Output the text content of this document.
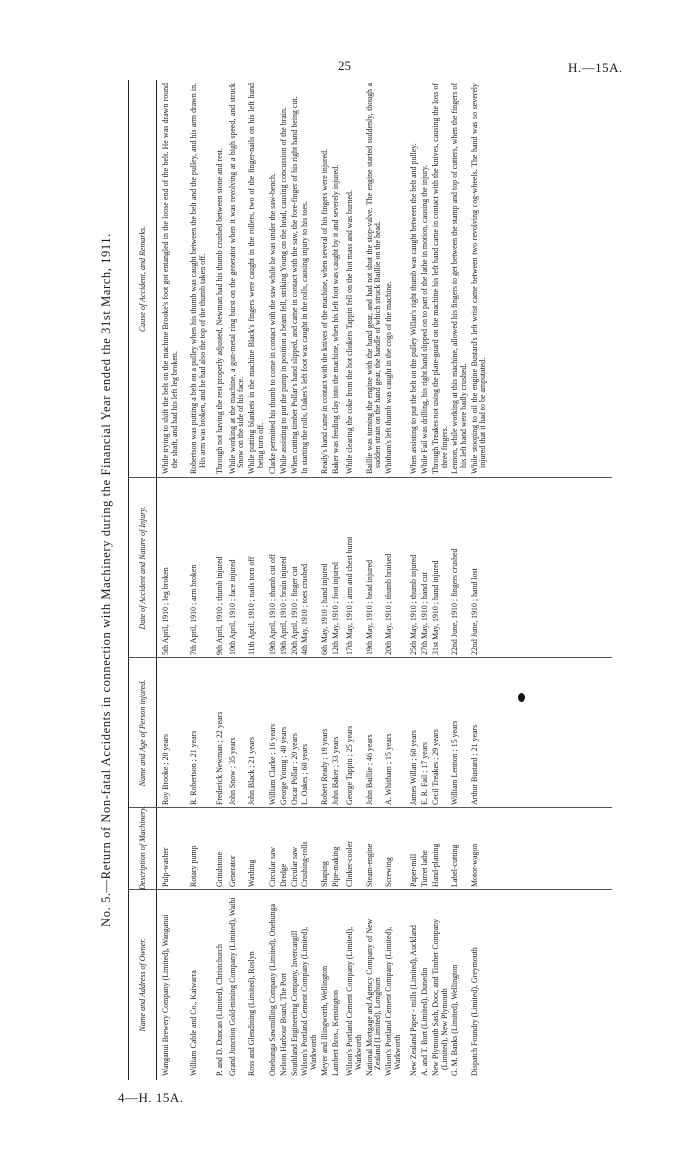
25	H.—15A.
4—H. 15A.
No. 5.—Return of Non-fatal Accidents in connection with Machinery during the Financial Year ended the 31st March, 1911.
Name and Address of Owner.
Description of Machinery.
Name and Age of Person injured.
Date of Accident and Nature of Injury.
Cause of Accident, and Remarks.
Wanganui Brewery Company (Limited), Wanganui
Pulp-washer
Roy Brooke ; 20 years
5th April, 1910 ; leg broken
While trying to shift the belt on the machine Brooke's foot got entangled in the loose end of the belt. He was drawn round the shaft, and had his left leg broken.
William Cable and Co., Kaiwarra
Rotary pump
R. Robertson ; 21 years
7th April, 1910 ; arm broken
Robertson was putting a belt on a pulley when his thumb was caught between the belt and the pulley, and his arm drawn in. His arm was broken, and he had also the top of the thumb taken off.
P. and D. Duncan (Limited), Christchurch
Grindstone
Frederick Newman ; 22 years
9th April, 1910 ; thumb injured
Through not having the rest properly adjusted, Newman had his thumb crushed between stone and rest.
Grand Junction Gold-mining Company (Limited), Waihi
Generator
John Snow ; 35 years
10th April, 1910 ; face injured
While working at the machine, a gun-metal ring burst on the generator when it was revolving at a high speed, and struck Snow on the side of his face.
Ross and Glendining (Limited), Roslyn
Washing
John Black ; 21 years
11th April, 1910 ; nails torn off
While putting blankets in the machine Black's fingers were caught in the rollers, two of the finger-nails on his left hand being torn off.
Onehunga Sawmilling Company (Limited), Onehunga
Circular saw
William Clarke ; 16 years
19th April, 1910 ; thumb cut off
Clarke permitted his thumb to come in contact with the saw while he was under the saw-bench.
Nelson Harbour Board, The Port
Dredge
George Young ; 40 years
19th April, 1910 ; brain injured
While assisting to put the pump in position a beam fell, striking Young on the head, causing concussion of the brain.
Southland Engineering Company, Invercargill
Circular saw
Oscar Pollar ; 20 years
20th April, 1910 ; finger cut
When cutting timber Pollar's hand slipped, and came in contact with the saw, the fore-finger of his right hand being cut.
Wilson's Portland Cement Company (Limited), Warkworth
Crushing-rolls
L. Oakes ; 60 years
4th May, 1910 ; toes crushed
In starting the rolls, Oakes's left foot was caught in the rolls, causing injury to his toes.
Meyer and Illingworth, Wellington
Shaping
Robert Ready ; 19 years
6th May, 1910 ; hand injured
Ready's hand came in contact with the knives of the machine, when several of his fingers were injured.
Lambert Bros., Kensington
Pipe-making
John Baker ; 33 years
12th May, 1910 ; foot injured
Baker was feeding clay into the machine, when his left foot was caught by it and severely injured.
Wilson's Portland Cement Company (Limited), Warkworth
Clinker-cooler
George Tappin ; 25 years
17th May, 1910 ; arm and chest burnt
While clearing the coke from the hot clinkers Tappin fell on the hot mass and was burned.
National Mortgage and Agency Company of New Zealand (Limited), Longburn
Steam-engine
John Baillie ; 46 years
19th May, 1910 ; head injured
Baillie was turning the engine with the hand gear, and had not shut the stop-valve. The engine started suddenly, though a sudden strain on the hand gear, the handle of which struck Baillie on the head.
Wilson's Portland Cement Company (Limited), Warkworth
Screwing
A. Whitham ; 15 years
20th May, 1910 ; thumb bruised
Whitham's left thumb was caught in the cogs of the machine.
New Zealand Paper - mills (Limited), Auckland
Paper-mill
James Willan ; 60 years
25th May, 1910 ; thumb injured
When assisting to put the belt on the pulley Willan's right thumb was caught between the belt and pulley.
A. and T. Burt (Limited), Dunedin
Turret lathe
E. R. Fail ; 17 years
27th May, 1910 ; hand cut
While Fail was drilling, his right hand slipped on to part of the lathe in motion, causing the injury.
New Plymouth Sash, Door, and Timber Company (Limited), New Plymouth
Hand-planing
Cecil Treakes ; 29 years
31st May, 1910 ; hand injured
Through Treakes not using the plate-guard on the machine his left hand came in contact with the knives, causing the loss of three fingers.
G. M. Banks (Limited), Wellington
Label-cutting
William Lennon ; 15 years
22nd June, 1910 ; fingers crushed
Lennon, while working at this machine, allowed his fingers to get between the stamp and top of cutters, when the fingers of his left hand were badly crushed.
Dispatch Foundry (Limited), Greymouth
Motor-wagon
Arthur Bustard ; 21 years
22nd June, 1910 ; hand lost
While stooping to oil the engine Bustard's left wrist came between two revolving cog-wheels. The hand was so severely injured that it had to be amputated.
